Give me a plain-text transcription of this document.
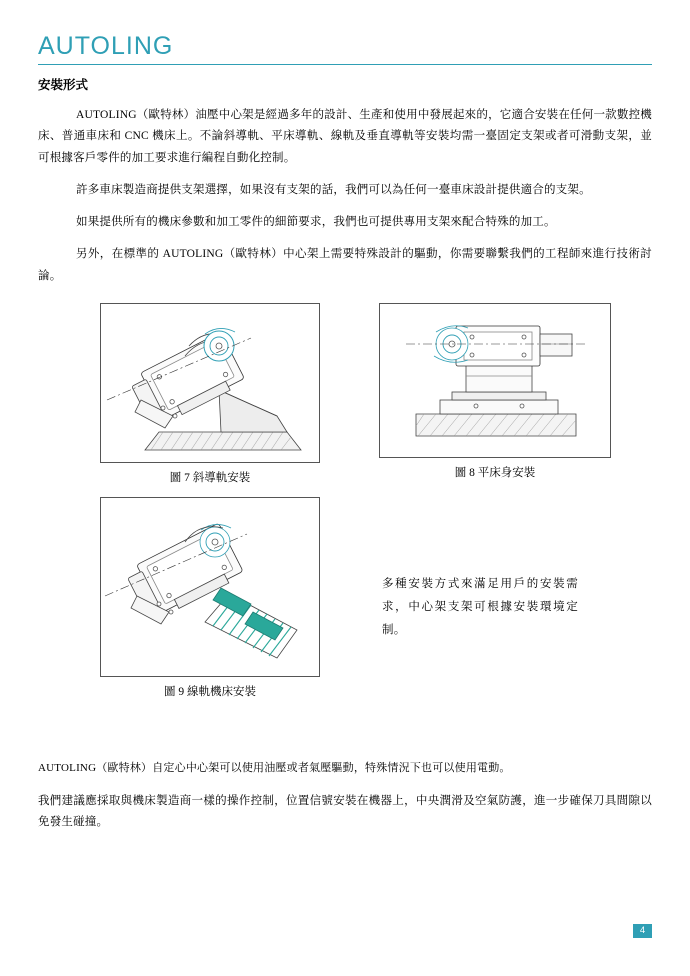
AUTOLING
安裝形式

AUTOLING（歐特林）油壓中心架是經過多年的設計、生產和使用中發展起來的，它適合安裝在任何一款數控機床、普通車床和 CNC 機床上。不論斜導軌、平床導軌、線軌及垂直導軌等安裝均需一臺固定支架或者可滑動支架，並可根據客戶零件的加工要求進行編程自動化控制。

許多車床製造商提供支架選擇，如果沒有支架的話，我們可以為任何一臺車床設計提供適合的支架。

如果提供所有的機床參數和加工零件的細節要求，我們也可提供專用支架來配合特殊的加工。

另外，在標準的 AUTOLING（歐特林）中心架上需要特殊設計的驅動，你需要聯繫我們的工程師來進行技術討論。

圖 7 斜導軌安裝	圖 8 平床身安裝
圖 9 線軌機床安裝
多種安裝方式來滿足用戶的安裝需求，中心架支架可根據安裝環境定制。

AUTOLING（歐特林）自定心中心架可以使用油壓或者氣壓驅動，特殊情況下也可以使用電動。

我們建議應採取與機床製造商一樣的操作控制，位置信號安裝在機器上，中央潤滑及空氣防護，進一步確保刀具間隙以免發生碰撞。

4
